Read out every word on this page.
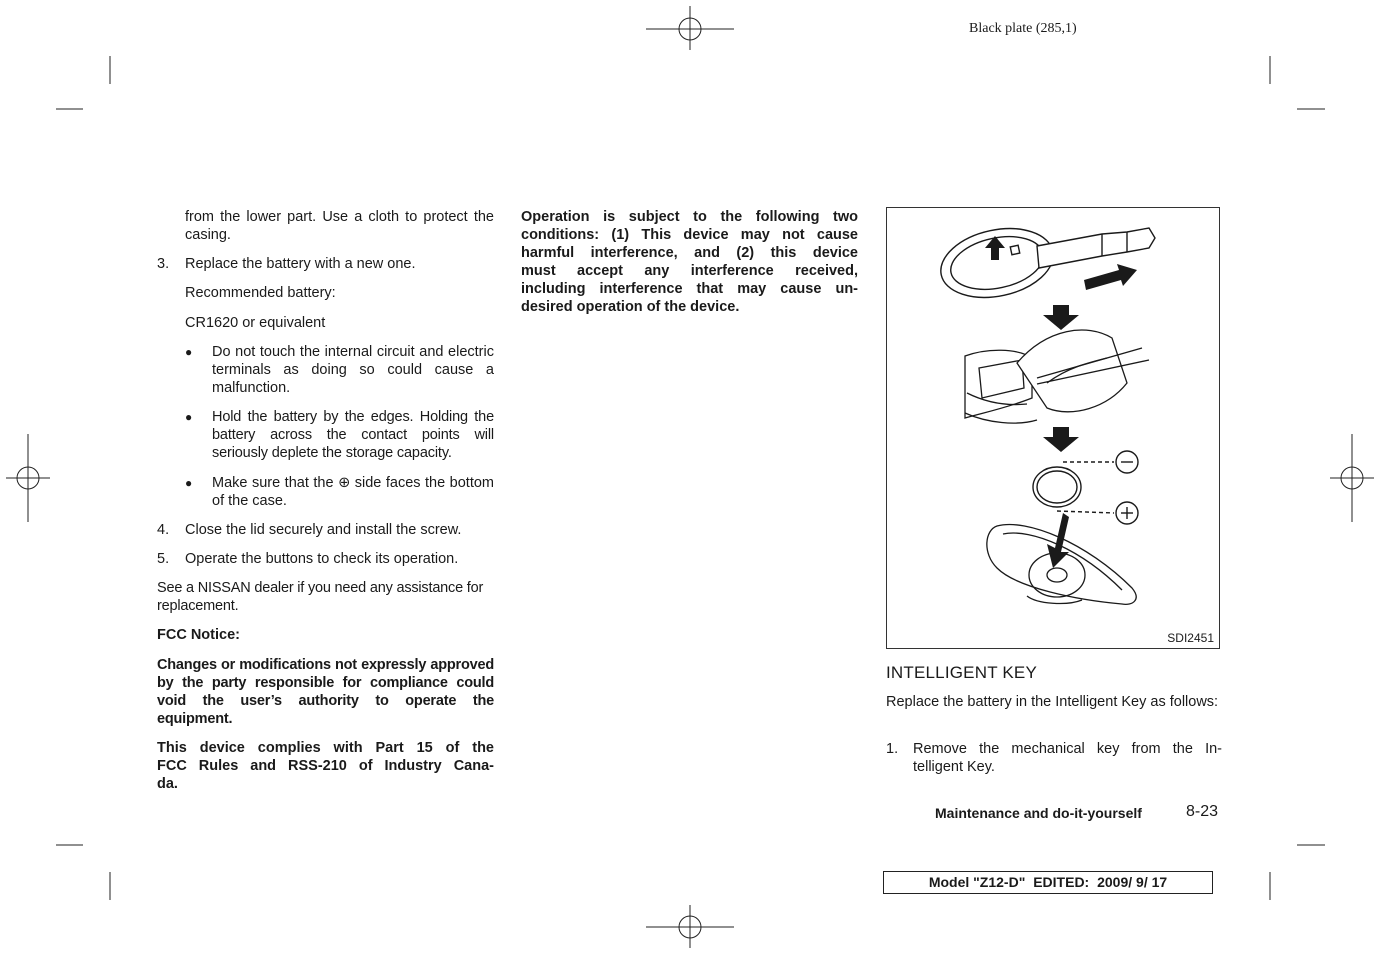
Black plate (285,1)
from the lower part. Use a cloth to protect the casing.
3. Replace the battery with a new one.
Recommended battery:
CR1620 or equivalent
● Do not touch the internal circuit and electric terminals as doing so could cause a malfunction.
● Hold the battery by the edges. Holding the battery across the contact points will seriously deplete the storage capacity.
● Make sure that the ⊕ side faces the bottom of the case.
4. Close the lid securely and install the screw.
5. Operate the buttons to check its operation.
See a NISSAN dealer if you need any assistance for replacement.
FCC Notice:
Changes or modifications not expressly approved by the party responsible for compliance could void the user’s authority to operate the equipment.
This device complies with Part 15 of the
FCC Rules and RSS-210 of Industry Cana-
da.
Operation is subject to the following two
conditions: (1) This device may not cause
harmful interference, and (2) this device
must accept any interference received,
including interference that may cause un-
desired operation of the device.
SDI2451
INTELLIGENT KEY
Replace the battery in the Intelligent Key as follows:
1. Remove the mechanical key from the In-
telligent Key.
Maintenance and do-it-yourself	8-23
Model "Z12-D" EDITED: 2009/ 9/ 17
